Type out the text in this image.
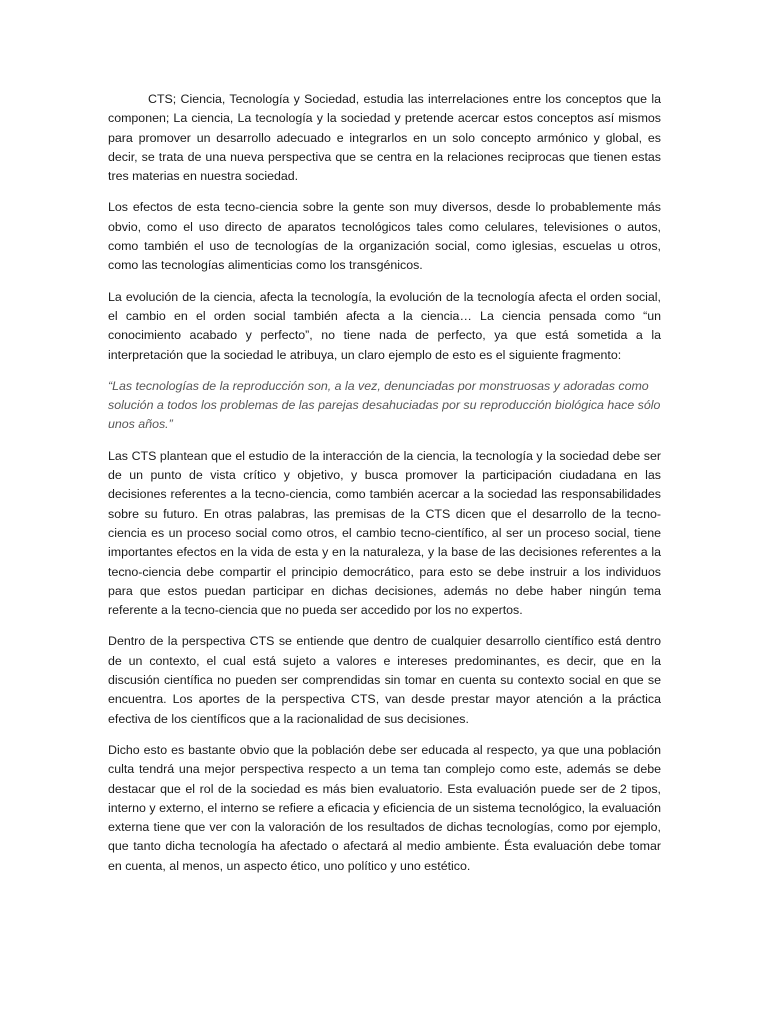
CTS; Ciencia, Tecnología y Sociedad, estudia las interrelaciones entre los conceptos que la componen; La ciencia, La tecnología y la sociedad y pretende acercar estos conceptos así mismos para promover un desarrollo adecuado e integrarlos en un solo concepto armónico y global, es decir, se trata de una nueva perspectiva que se centra en la relaciones reciprocas que tienen estas tres materias en nuestra sociedad.

Los efectos de esta tecno-ciencia sobre la gente son muy diversos, desde lo probablemente más obvio, como el uso directo de aparatos tecnológicos tales como celulares, televisiones o autos, como también el uso de tecnologías de la organización social, como iglesias, escuelas u otros, como las tecnologías alimenticias como los transgénicos.

La evolución de la ciencia, afecta la tecnología, la evolución de la tecnología afecta el orden social, el cambio en el orden social también afecta a la ciencia… La ciencia pensada como “un conocimiento acabado y perfecto”, no tiene nada de perfecto, ya que está sometida a la interpretación que la sociedad le atribuya, un claro ejemplo de esto es el siguiente fragmento:

“Las tecnologías de la reproducción son, a la vez, denunciadas por monstruosas y adoradas como solución a todos los problemas de las parejas desahuciadas por su reproducción biológica hace sólo unos años.”

Las CTS plantean que el estudio de la interacción de la ciencia, la tecnología y la sociedad debe ser de un punto de vista crítico y objetivo, y busca promover la participación ciudadana en las decisiones referentes a la tecno-ciencia, como también acercar a la sociedad las responsabilidades sobre su futuro. En otras palabras, las premisas de la CTS dicen que el desarrollo de la tecno-ciencia es un proceso social como otros, el cambio tecno-científico, al ser un proceso social, tiene importantes efectos en la vida de esta y en la naturaleza, y la base de las decisiones referentes a la tecno-ciencia debe compartir el principio democrático, para esto se debe instruir a los individuos para que estos puedan participar en dichas decisiones, además no debe haber ningún tema referente a la tecno-ciencia que no pueda ser accedido por los no expertos.

Dentro de la perspectiva CTS se entiende que dentro de cualquier desarrollo científico está dentro de un contexto, el cual está sujeto a valores e intereses predominantes, es decir, que en la discusión científica no pueden ser comprendidas sin tomar en cuenta su contexto social en que se encuentra. Los aportes de la perspectiva CTS, van desde prestar mayor atención a la práctica efectiva de los científicos que a la racionalidad de sus decisiones.

Dicho esto es bastante obvio que la población debe ser educada al respecto, ya que una población culta tendrá una mejor perspectiva respecto a un tema tan complejo como este, además se debe destacar que el rol de la sociedad es más bien evaluatorio. Esta evaluación puede ser de 2 tipos, interno y externo, el interno se refiere a eficacia y eficiencia de un sistema tecnológico, la evaluación externa tiene que ver con la valoración de los resultados de dichas tecnologías, como por ejemplo, que tanto dicha tecnología ha afectado o afectará al medio ambiente. Ésta evaluación debe tomar en cuenta, al menos, un aspecto ético, uno político y uno estético.
